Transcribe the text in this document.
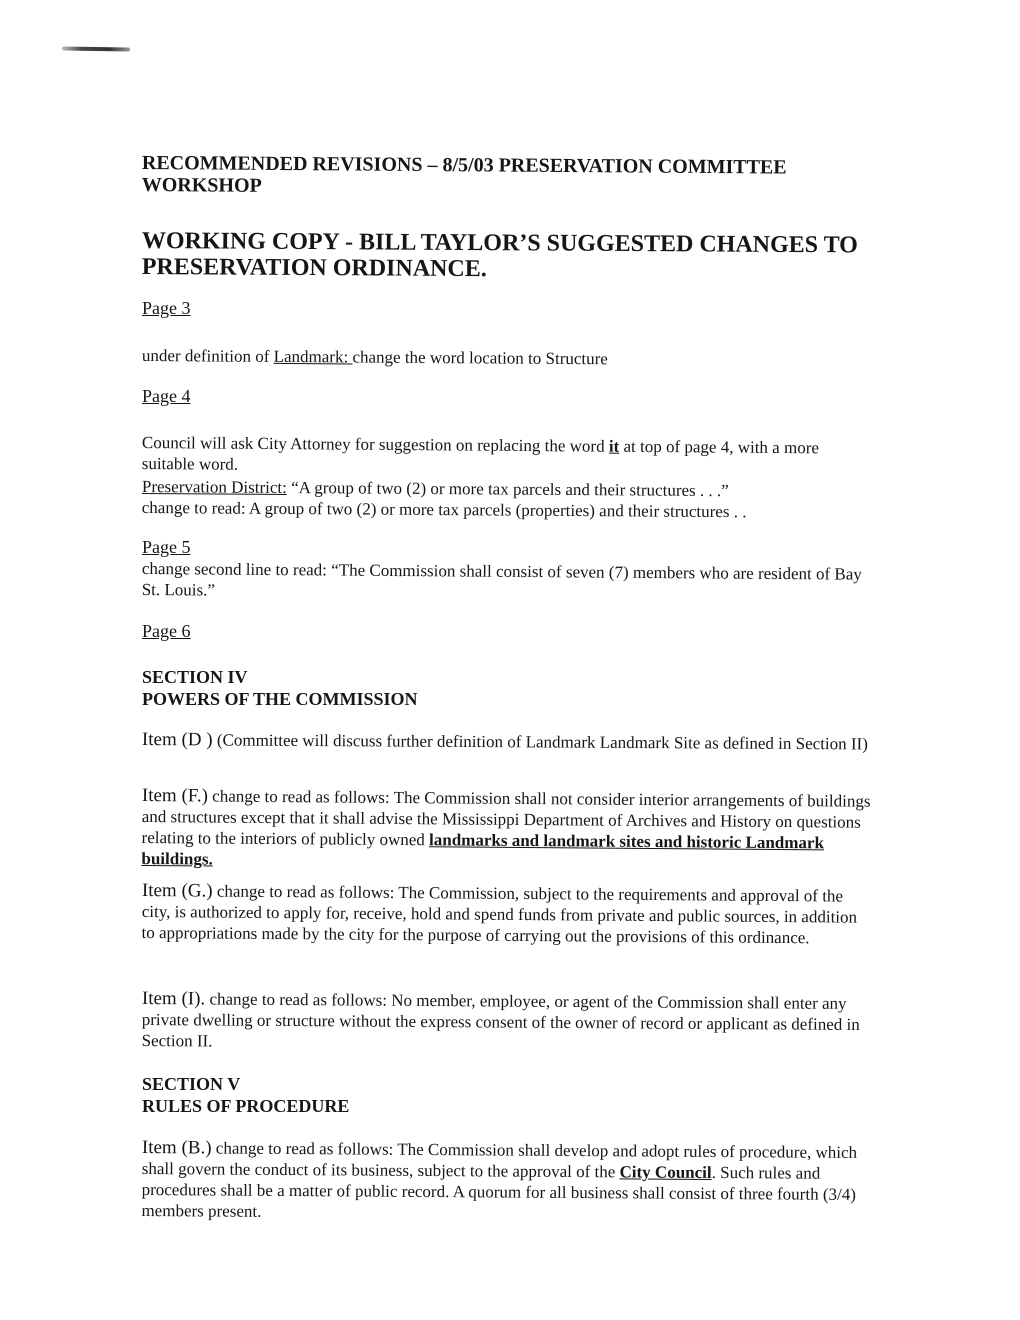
RECOMMENDED REVISIONS – 8/5/03 PRESERVATION COMMITTEE
WORKSHOP
WORKING COPY - BILL TAYLOR’S SUGGESTED CHANGES TO
PRESERVATION ORDINANCE.
Page 3
under definition of Landmark: change the word location to Structure
Page 4
Council will ask City Attorney for suggestion on replacing the word it at top of page 4, with a more suitable word.
Preservation District: “A group of two (2) or more tax parcels and their structures . . .”
change to read: A group of two (2) or more tax parcels (properties) and their structures . .
Page 5
change second line to read: “The Commission shall consist of seven (7) members who are resident of Bay St. Louis.”
Page 6
SECTION IV
POWERS OF THE COMMISSION
Item (D ) (Committee will discuss further definition of Landmark Landmark Site as defined in Section II)
Item (F.) change to read as follows: The Commission shall not consider interior arrangements of buildings and structures except that it shall advise the Mississippi Department of Archives and History on questions relating to the interiors of publicly owned landmarks and landmark sites and historic Landmark buildings.
Item (G.) change to read as follows: The Commission, subject to the requirements and approval of the city, is authorized to apply for, receive, hold and spend funds from private and public sources, in addition to appropriations made by the city for the purpose of carrying out the provisions of this ordinance.
Item (I). change to read as follows: No member, employee, or agent of the Commission shall enter any private dwelling or structure without the express consent of the owner of record or applicant as defined in Section II.
SECTION V
RULES OF PROCEDURE
Item (B.) change to read as follows: The Commission shall develop and adopt rules of procedure, which shall govern the conduct of its business, subject to the approval of the City Council. Such rules and procedures shall be a matter of public record. A quorum for all business shall consist of three fourth (3/4) members present.
